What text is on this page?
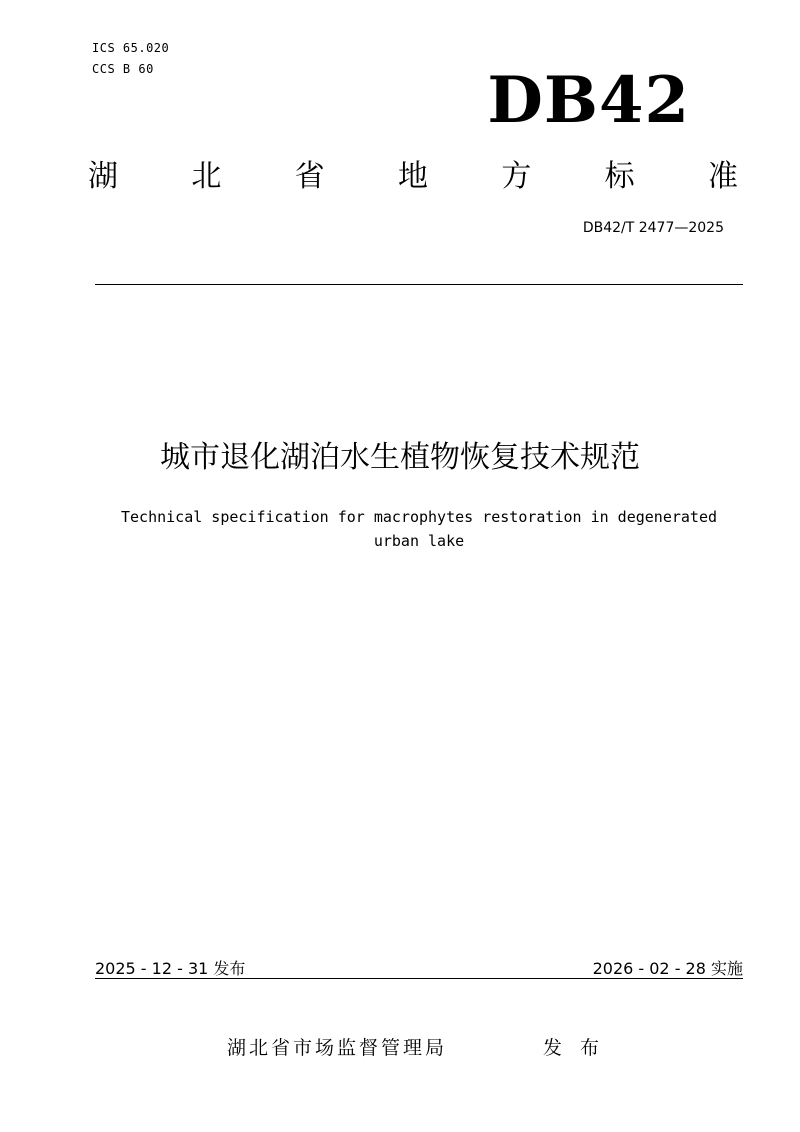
ICS 65.020
CCS B 60	DB42
湖 北 省 地 方 标 准
DB42/T 2477—2025
城市退化湖泊水生植物恢复技术规范
Technical specification for macrophytes restoration in degenerated
urban lake
2025 - 12 - 31 发布	2026 - 02 - 28 实施
湖北省市场监督管理局	发 布
